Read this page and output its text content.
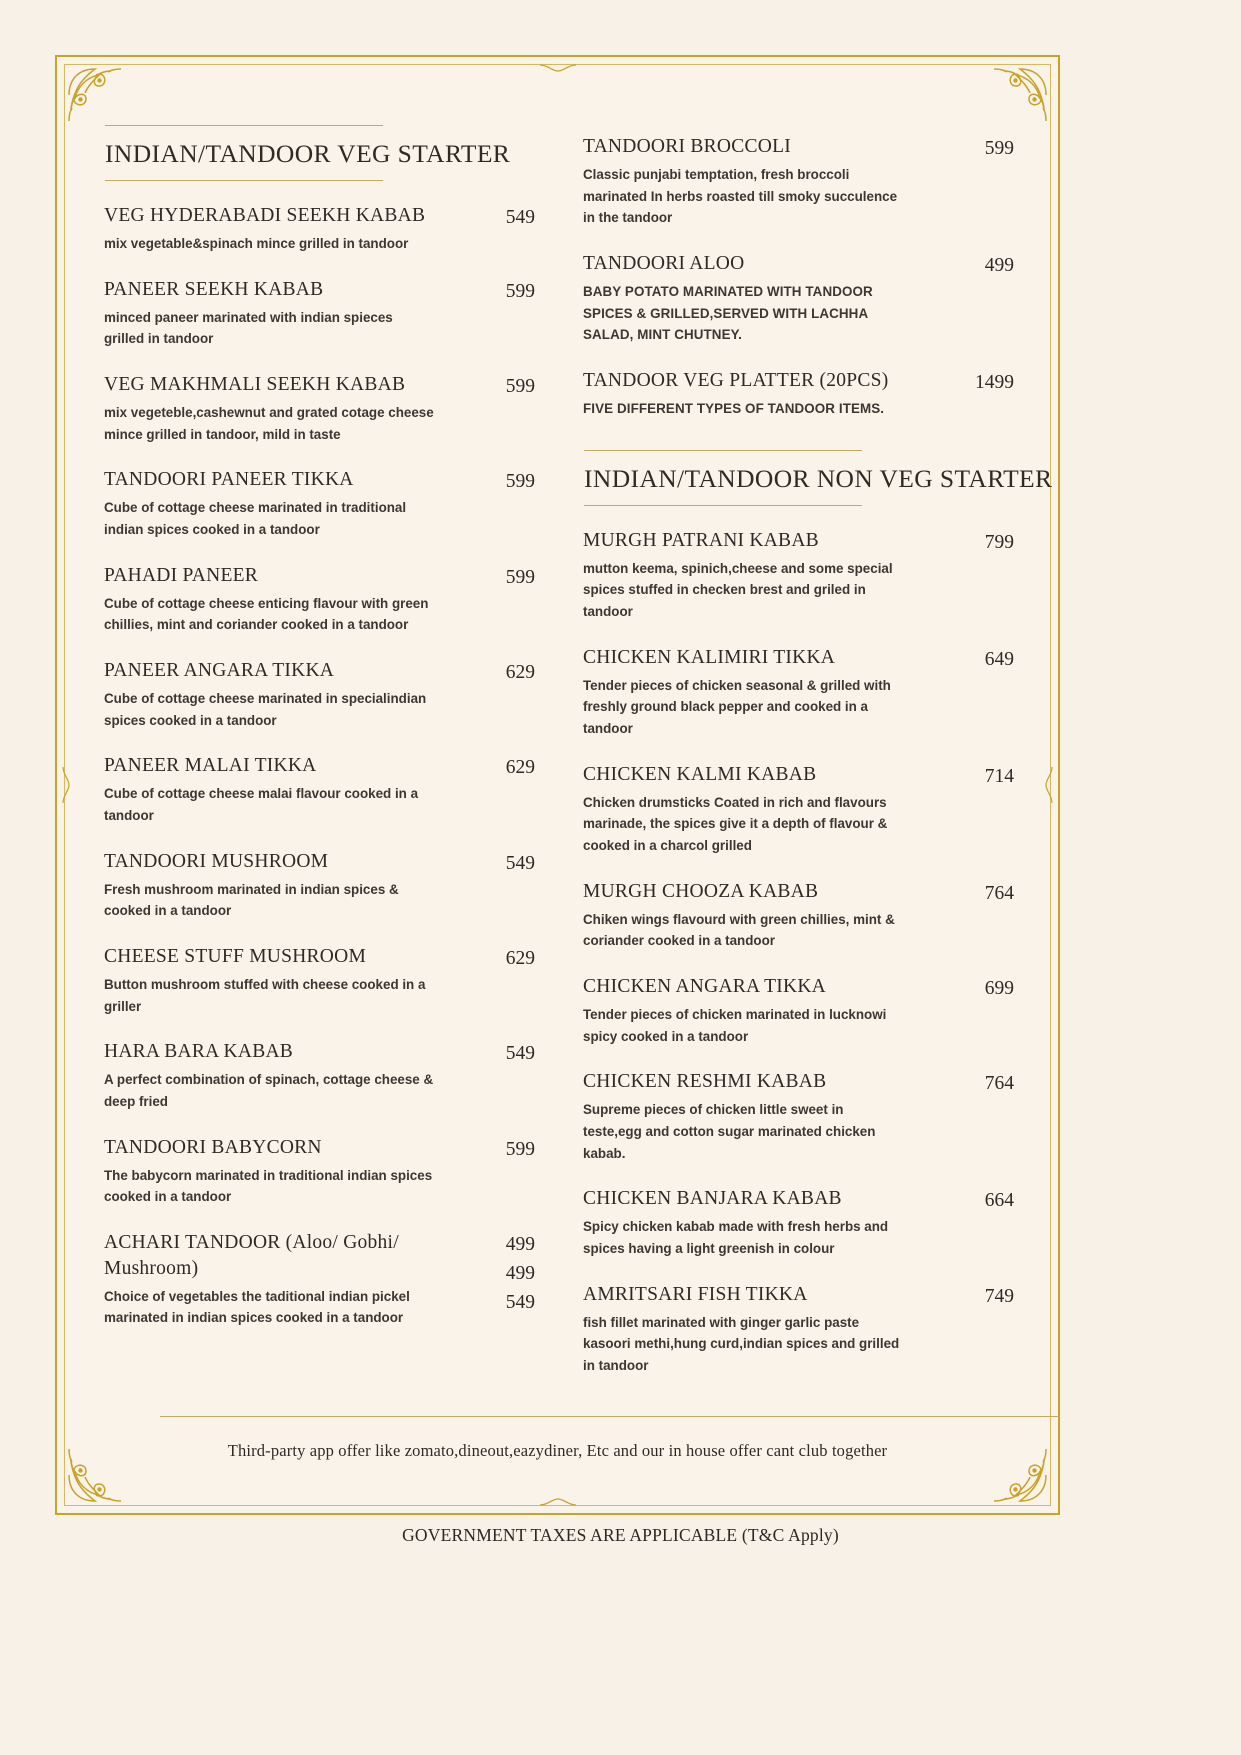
INDIAN/TANDOOR VEG STARTER
VEG HYDERABADI SEEKH KABAB
mix vegetable&spinach mince grilled in tandoor
549
PANEER SEEKH KABAB
minced paneer marinated with indian spieces grilled in tandoor
599
VEG MAKHMALI SEEKH KABAB
mix vegeteble,cashewnut and grated cotage cheese mince grilled in tandoor, mild in taste
599
TANDOORI PANEER TIKKA
Cube of cottage cheese marinated in traditional indian spices cooked in a tandoor
599
PAHADI PANEER
Cube of cottage cheese enticing flavour with green chillies, mint and coriander cooked in a tandoor
599
PANEER ANGARA TIKKA
Cube of cottage cheese marinated in specialindian spices cooked in a tandoor
629
PANEER MALAI TIKKA
Cube of cottage cheese malai flavour cooked in a tandoor
629
TANDOORI MUSHROOM
Fresh mushroom marinated in indian spices & cooked in a tandoor
549
CHEESE STUFF MUSHROOM
Button mushroom stuffed with cheese cooked in a griller
629
HARA BARA KABAB
A perfect combination of spinach, cottage cheese & deep fried
549
TANDOORI BABYCORN
The babycorn marinated in traditional indian spices cooked in a tandoor
599
ACHARI TANDOOR (Aloo/ Gobhi/ Mushroom)
Choice of vegetables the taditional indian pickel marinated in indian spices cooked in a tandoor
499
499
549
TANDOORI BROCCOLI
Classic punjabi temptation, fresh broccoli marinated In herbs roasted till smoky succulence in the tandoor
599
TANDOORI ALOO
BABY POTATO MARINATED WITH TANDOOR SPICES & GRILLED,SERVED WITH LACHHA SALAD, MINT CHUTNEY.
499
TANDOOR VEG PLATTER (20PCS)
FIVE DIFFERENT TYPES OF TANDOOR ITEMS.
1499
INDIAN/TANDOOR NON VEG STARTER
MURGH PATRANI KABAB
mutton keema, spinich,cheese and some special spices stuffed in checken brest and griled in tandoor
799
CHICKEN KALIMIRI TIKKA
Tender pieces of chicken seasonal & grilled with freshly ground black pepper and cooked in a tandoor
649
CHICKEN KALMI KABAB
Chicken drumsticks Coated in rich and flavours marinade, the spices give it a depth of flavour & cooked in a charcol grilled
714
MURGH CHOOZA KABAB
Chiken wings flavourd with green chillies, mint & coriander cooked in a tandoor
764
CHICKEN ANGARA TIKKA
Tender pieces of chicken marinated in lucknowi spicy cooked in a tandoor
699
CHICKEN RESHMI KABAB
Supreme pieces of chicken little sweet in teste,egg and cotton sugar marinated chicken kabab.
764
CHICKEN BANJARA KABAB
Spicy chicken kabab made with fresh herbs and spices having a light greenish in colour
664
AMRITSARI FISH TIKKA
fish fillet marinated with ginger garlic paste kasoori methi,hung curd,indian spices and grilled in tandoor
749
Third-party app offer like zomato,dineout,eazydiner, Etc and our in house offer cant club together
GOVERNMENT TAXES ARE APPLICABLE (T&C Apply)
